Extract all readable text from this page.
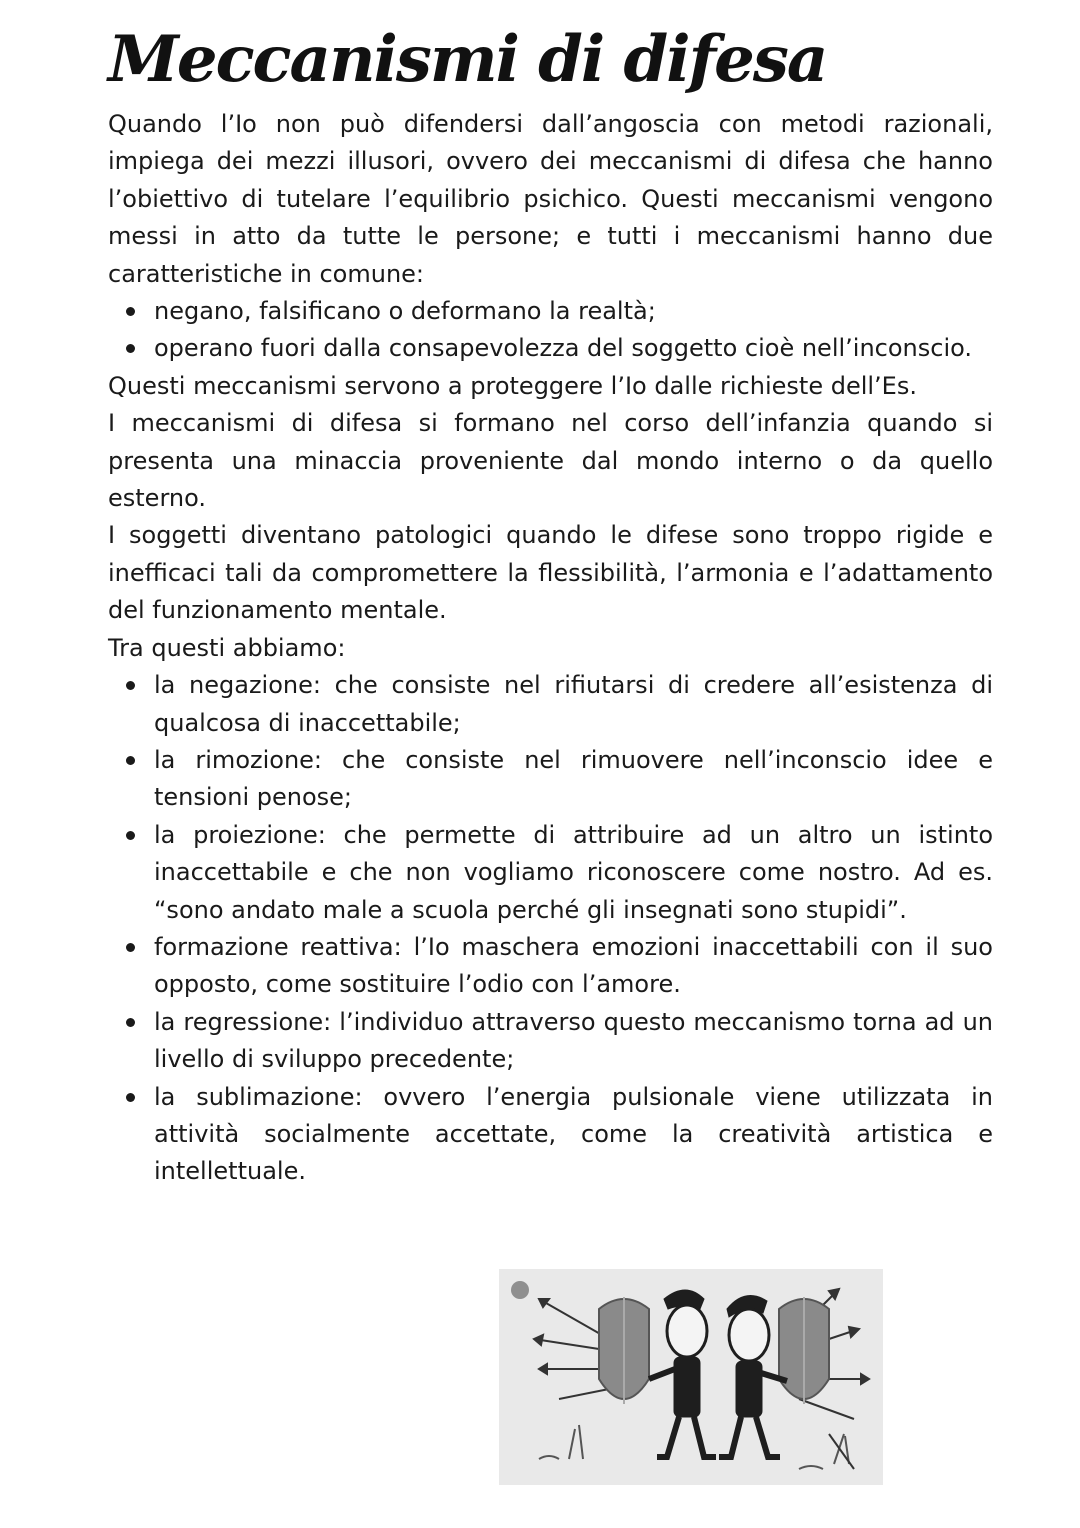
Meccanismi di difesa

Quando l’Io non può difendersi dall’angoscia con metodi razionali, impiega dei mezzi illusori, ovvero dei meccanismi di difesa che hanno l’obiettivo di tutelare l’equilibrio psichico. Questi meccanismi vengono messi in atto da tutte le persone; e tutti i meccanismi hanno due caratteristiche in comune:

negano, falsificano o deformano la realtà;
operano fuori dalla consapevolezza del soggetto cioè nell’inconscio.

Questi meccanismi servono a proteggere l’Io dalle richieste dell’Es.

I meccanismi di difesa si formano nel corso dell’infanzia quando si presenta una minaccia proveniente dal mondo interno o da quello esterno.

I soggetti diventano patologici quando le difese sono troppo rigide e inefficaci tali da compromettere la flessibilità, l’armonia e l’adattamento del funzionamento mentale.

Tra questi abbiamo:

la negazione: che consiste nel rifiutarsi di credere all’esistenza di qualcosa di inaccettabile;
la rimozione: che consiste nel rimuovere nell’inconscio idee e tensioni penose;
la proiezione: che permette di attribuire ad un altro un istinto inaccettabile e che non vogliamo riconoscere come nostro. Ad es. “sono andato male a scuola perché gli insegnati sono stupidi”.
formazione reattiva: l’Io maschera emozioni inaccettabili con il suo opposto, come sostituire l’odio con l’amore.
la regressione: l’individuo attraverso questo meccanismo torna ad un livello di sviluppo precedente;
la sublimazione: ovvero l’energia pulsionale viene utilizzata in attività socialmente accettate, come la creatività artistica e intellettuale.
